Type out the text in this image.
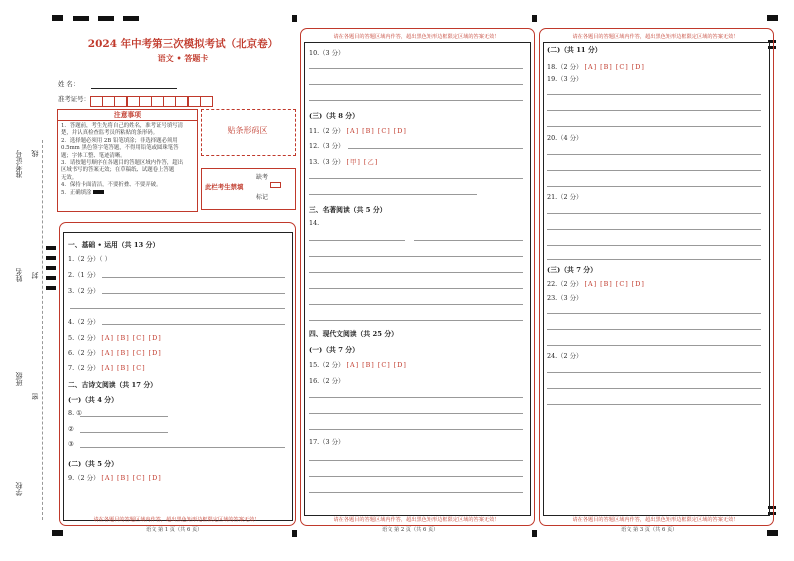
准考证号 线
姓名 封
班级
密
学校
2024 年中考第三次模拟考试（北京卷）
语文 • 答题卡
姓 名：
准考证号：
注意事项
1．答题前，考生先将自己的姓名，准考证号填写清
楚，并认真检查监考员所粘贴的条形码。
2．选择题必须用 2B 铅笔填涂；非选择题必须用
0.5mm 黑色签字笔答题，不得用铅笔或圆珠笔答
题；字体工整、笔迹清晰。
3．请按题号顺序在各题目的答题区域内作答，超出
区域书写的答案无效；在草稿纸、试题卷上答题
无效。
4．保持卡面清洁，不要折叠、不要弄破。
5．正确填涂
贴条形码区
此栏考生禁填
缺考
标记
一、基础 • 运用（共 13 分）
1.（2 分）（ ）
2.（1 分）
3.（2 分）
4.（2 分）
5.（2 分） [A] [B] [C] [D]
6.（2 分） [A] [B] [C] [D]
7.（2 分） [A] [B] [C]
二、古诗文阅读（共 17 分）
(一)（共 4 分）
8. ①
②
③
(二)（共 5 分）
9.（2 分） [A] [B] [C] [D]
请在各题目的答题区域内作答，超出黑色矩形边框限定区域的答案无效！
语文 第 1 页（共 6 页）
请在各题目的答题区域内作答，超出黑色矩形边框限定区域的答案无效！
10.（3 分）
(三)（共 8 分）
11.（2 分） [A] [B] [C] [D]
12.（3 分）
13.（3 分） [甲] [乙]
三、名著阅读（共 5 分）
14.
四、现代文阅读（共 25 分）
(一)（共 7 分）
15.（2 分） [A] [B] [C] [D]
16.（2 分）
17.（3 分）
请在各题目的答题区域内作答，超出黑色矩形边框限定区域的答案无效！
语文 第 2 页（共 6 页）
请在各题目的答题区域内作答，超出黑色矩形边框限定区域的答案无效！
(二)（共 11 分）
18.（2 分） [A] [B] [C] [D]
19.（3 分）
20.（4 分）
21.（2 分）
(三)（共 7 分）
22.（2 分） [A] [B] [C] [D]
23.（3 分）
24.（2 分）
请在各题目的答题区域内作答，超出黑色矩形边框限定区域的答案无效！
语文 第 3 页（共 6 页）
